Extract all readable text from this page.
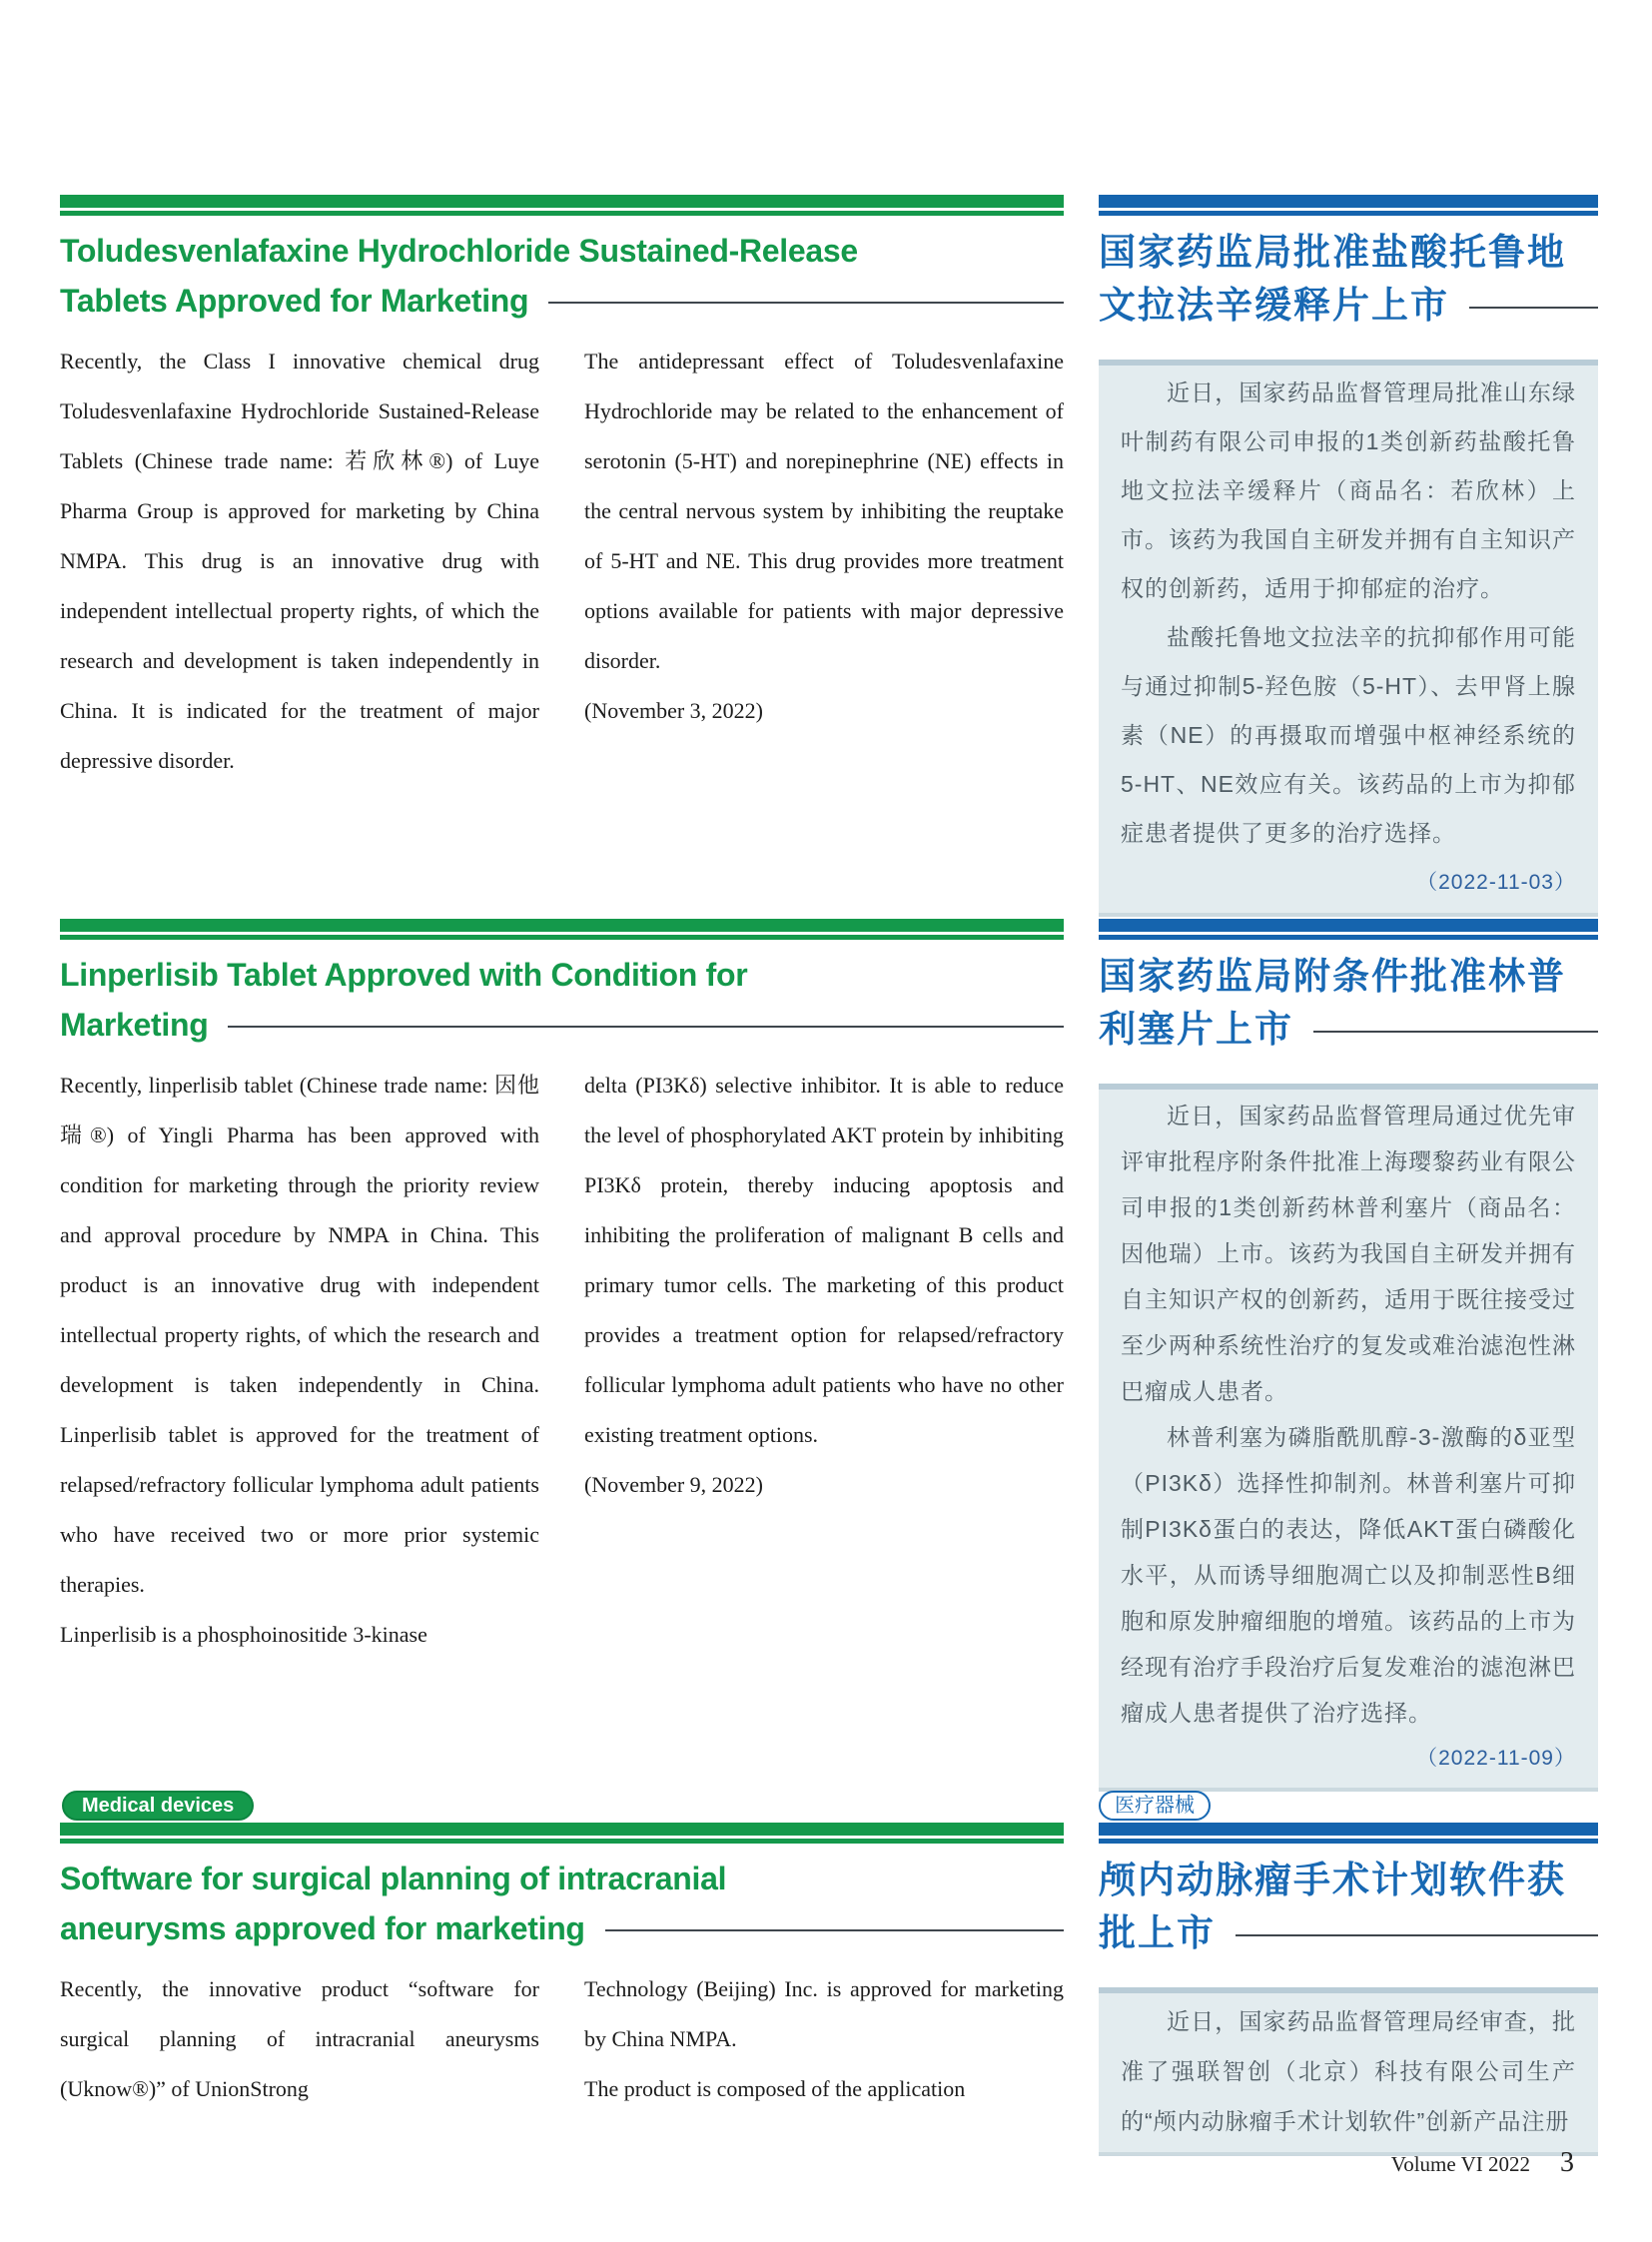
Toludesvenlafaxine Hydrochloride Sustained-Release
Tablets Approved for Marketing

Recently, the Class I innovative chemical drug Toludesvenlafaxine Hydrochloride Sustained-Release Tablets (Chinese trade name: 若欣林®) of Luye Pharma Group is approved for marketing by China NMPA. This drug is an innovative drug with independent intellectual property rights, of which the research and development is taken independently in China. It is indicated for the treatment of major depressive disorder.

The antidepressant effect of Toludesvenlafaxine Hydrochloride may be related to the enhancement of serotonin (5-HT) and norepinephrine (NE) effects in the central nervous system by inhibiting the reuptake of 5-HT and NE. This drug provides more treatment options available for patients with major depressive disorder.

(November 3, 2022)

国家药监局批准盐酸托鲁地
文拉法辛缓释片上市

近日，国家药品监督管理局批准山东绿叶制药有限公司申报的1类创新药盐酸托鲁地文拉法辛缓释片（商品名：若欣林）上市。该药为我国自主研发并拥有自主知识产权的创新药，适用于抑郁症的治疗。

盐酸托鲁地文拉法辛的抗抑郁作用可能与通过抑制5-羟色胺（5-HT）、去甲肾上腺素（NE）的再摄取而增强中枢神经系统的5-HT、NE效应有关。该药品的上市为抑郁症患者提供了更多的治疗选择。

（2022-11-03）

Linperlisib Tablet Approved with Condition for
Marketing

Recently, linperlisib tablet (Chinese trade name: 因他瑞®) of Yingli Pharma has been approved with condition for marketing through the priority review and approval procedure by NMPA in China. This product is an innovative drug with independent intellectual property rights, of which the research and development is taken independently in China. Linperlisib tablet is approved for the treatment of relapsed/refractory follicular lymphoma adult patients who have received two or more prior systemic therapies.

Linperlisib is a phosphoinositide 3-kinase

delta (PI3Kδ) selective inhibitor. It is able to reduce the level of phosphorylated AKT protein by inhibiting PI3Kδ protein, thereby inducing apoptosis and inhibiting the proliferation of malignant B cells and primary tumor cells. The marketing of this product provides a treatment option for relapsed/refractory follicular lymphoma adult patients who have no other existing treatment options.

(November 9, 2022)

国家药监局附条件批准林普
利塞片上市

近日，国家药品监督管理局通过优先审评审批程序附条件批准上海璎黎药业有限公司申报的1类创新药林普利塞片（商品名：因他瑞）上市。该药为我国自主研发并拥有自主知识产权的创新药，适用于既往接受过至少两种系统性治疗的复发或难治滤泡性淋巴瘤成人患者。

林普利塞为磷脂酰肌醇-3-激酶的δ亚型（PI3Kδ）选择性抑制剂。林普利塞片可抑制PI3Kδ蛋白的表达，降低AKT蛋白磷酸化水平，从而诱导细胞凋亡以及抑制恶性B细胞和原发肿瘤细胞的增殖。该药品的上市为经现有治疗手段治疗后复发难治的滤泡淋巴瘤成人患者提供了治疗选择。

（2022-11-09）

Medical devices
Software for surgical planning of intracranial
aneurysms approved for marketing

Recently, the innovative product “software for surgical planning of intracranial aneurysms (Uknow®)” of UnionStrong

Technology (Beijing) Inc. is approved for marketing by China NMPA.

The product is composed of the application

医疗器械
颅内动脉瘤手术计划软件获
批上市

近日，国家药品监督管理局经审查，批准了强联智创（北京）科技有限公司生产的“颅内动脉瘤手术计划软件”创新产品注册

Volume VI 2022 3
